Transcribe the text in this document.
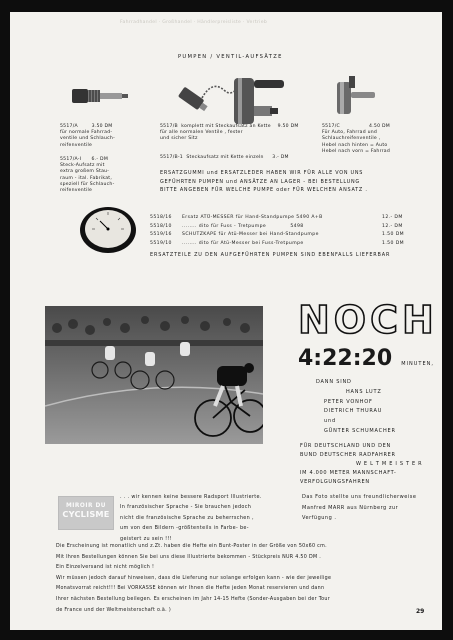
Fahrradhandel · Großhandel · Händlerpreisliste · Vertrieb
PUMPEN / VENTIL-AUFSÄTZE
5517/A        3.50 DM
für normale Fahrrad-
ventile und Schlauch-
reifenventile
5517/A-I      6.- DM
Steck-Aufsatz mit
extra großem Stau-
raum - ital. Fabrikat,
speziell für Schlauch-
reifenventile
5517/B  komplett mit Steckaufsatz an Kette    9.50 DM
für alle normalen Ventile , fester
und sicher Sitz
5517/B-1  Steckaufsatz mit Kette einzeln     3.- DM
5517/C                 4.50 DM
Für Auto, Fahrrad und
Schlauchreifenventile ,
Hebel nach hinten = Auto
Hebel nach vorn = Fahrrad
ERSATZGUMMI und ERSATZLEDER HABEN WIR FÜR ALLE VON UNS
GEFÜHRTEN PUMPEN und ANSÄTZE AN LAGER - BEI BESTELLUNG
BITTE ANGEBEN FÜR WELCHE PUMPE oder FÜR WELCHEN ANSATZ .
5518/16 Ersatz ATÜ-MESSER für Hand-Standpumpe 5490 A+B	12.- DM
5518/10 ........ dito für Fuss - Tretpumpe             5498	12.- DM
5519/16 SCHUTZKAPE für Atü-Messer bei Hand-Standpumpe	1.50 DM
5519/10 ........ dito für Atü-Messer bei Fuss-Tretpumpe	1.50 DM
ERSATZTEILE ZU DEN AUFGEFÜHRTEN PUMPEN SIND EBENFALLS LIEFERBAR
NOCH
4:22:20 MINUTEN,
DANN SIND
HANS LUTZ
PETER VONHOF
DIETRICH THURAU
und
GÜNTER SCHUMACHER
FÜR DEUTSCHLAND UND DEN
BUND DEUTSCHER RADFAHRER
W E L T M E I S T E R
IM 4.000 METER MANNSCHAFT-
VERFOLGUNGSFAHREN
Das Foto stellte uns freundlicherweise
Manfred MARR aus Nürnberg zur
Verfügung .
MIROIR DU
CYCLISME
. . . wir kennen keine bessere Radsport Illustrierte.
In französischer Sprache - Sie brauchen jedoch
nicht die französische Sprache zu beherrschen ,
um von den Bildern -größtenteils in Farbe- be-
geistert zu sein !!!
Die Erscheinung ist monatlich und z.Zt. haben die Hefte ein Bunt-Poster in der Größe von 50x60 cm.
Mit Ihren Bestellungen können Sie bei uns diese Illustrierte bekommen - Stückpreis NUR 4.50 DM .
Ein Einzelversand ist nicht möglich !
Wir müssen jedoch darauf hinweisen, dass die Lieferung nur solange erfolgen kann - wie der jeweilige
Monatsvorrat reicht!!! Bei VORKASSE können wir Ihnen die Hefte jeden Monat reservieren und dann
Ihrer nächsten Bestellung beilegen. Es erscheinen im Jahr 14-15 Hefte (Sonder-Ausgaben bei der Tour
de France und der Weltmeisterschaft o.ä. )	29
